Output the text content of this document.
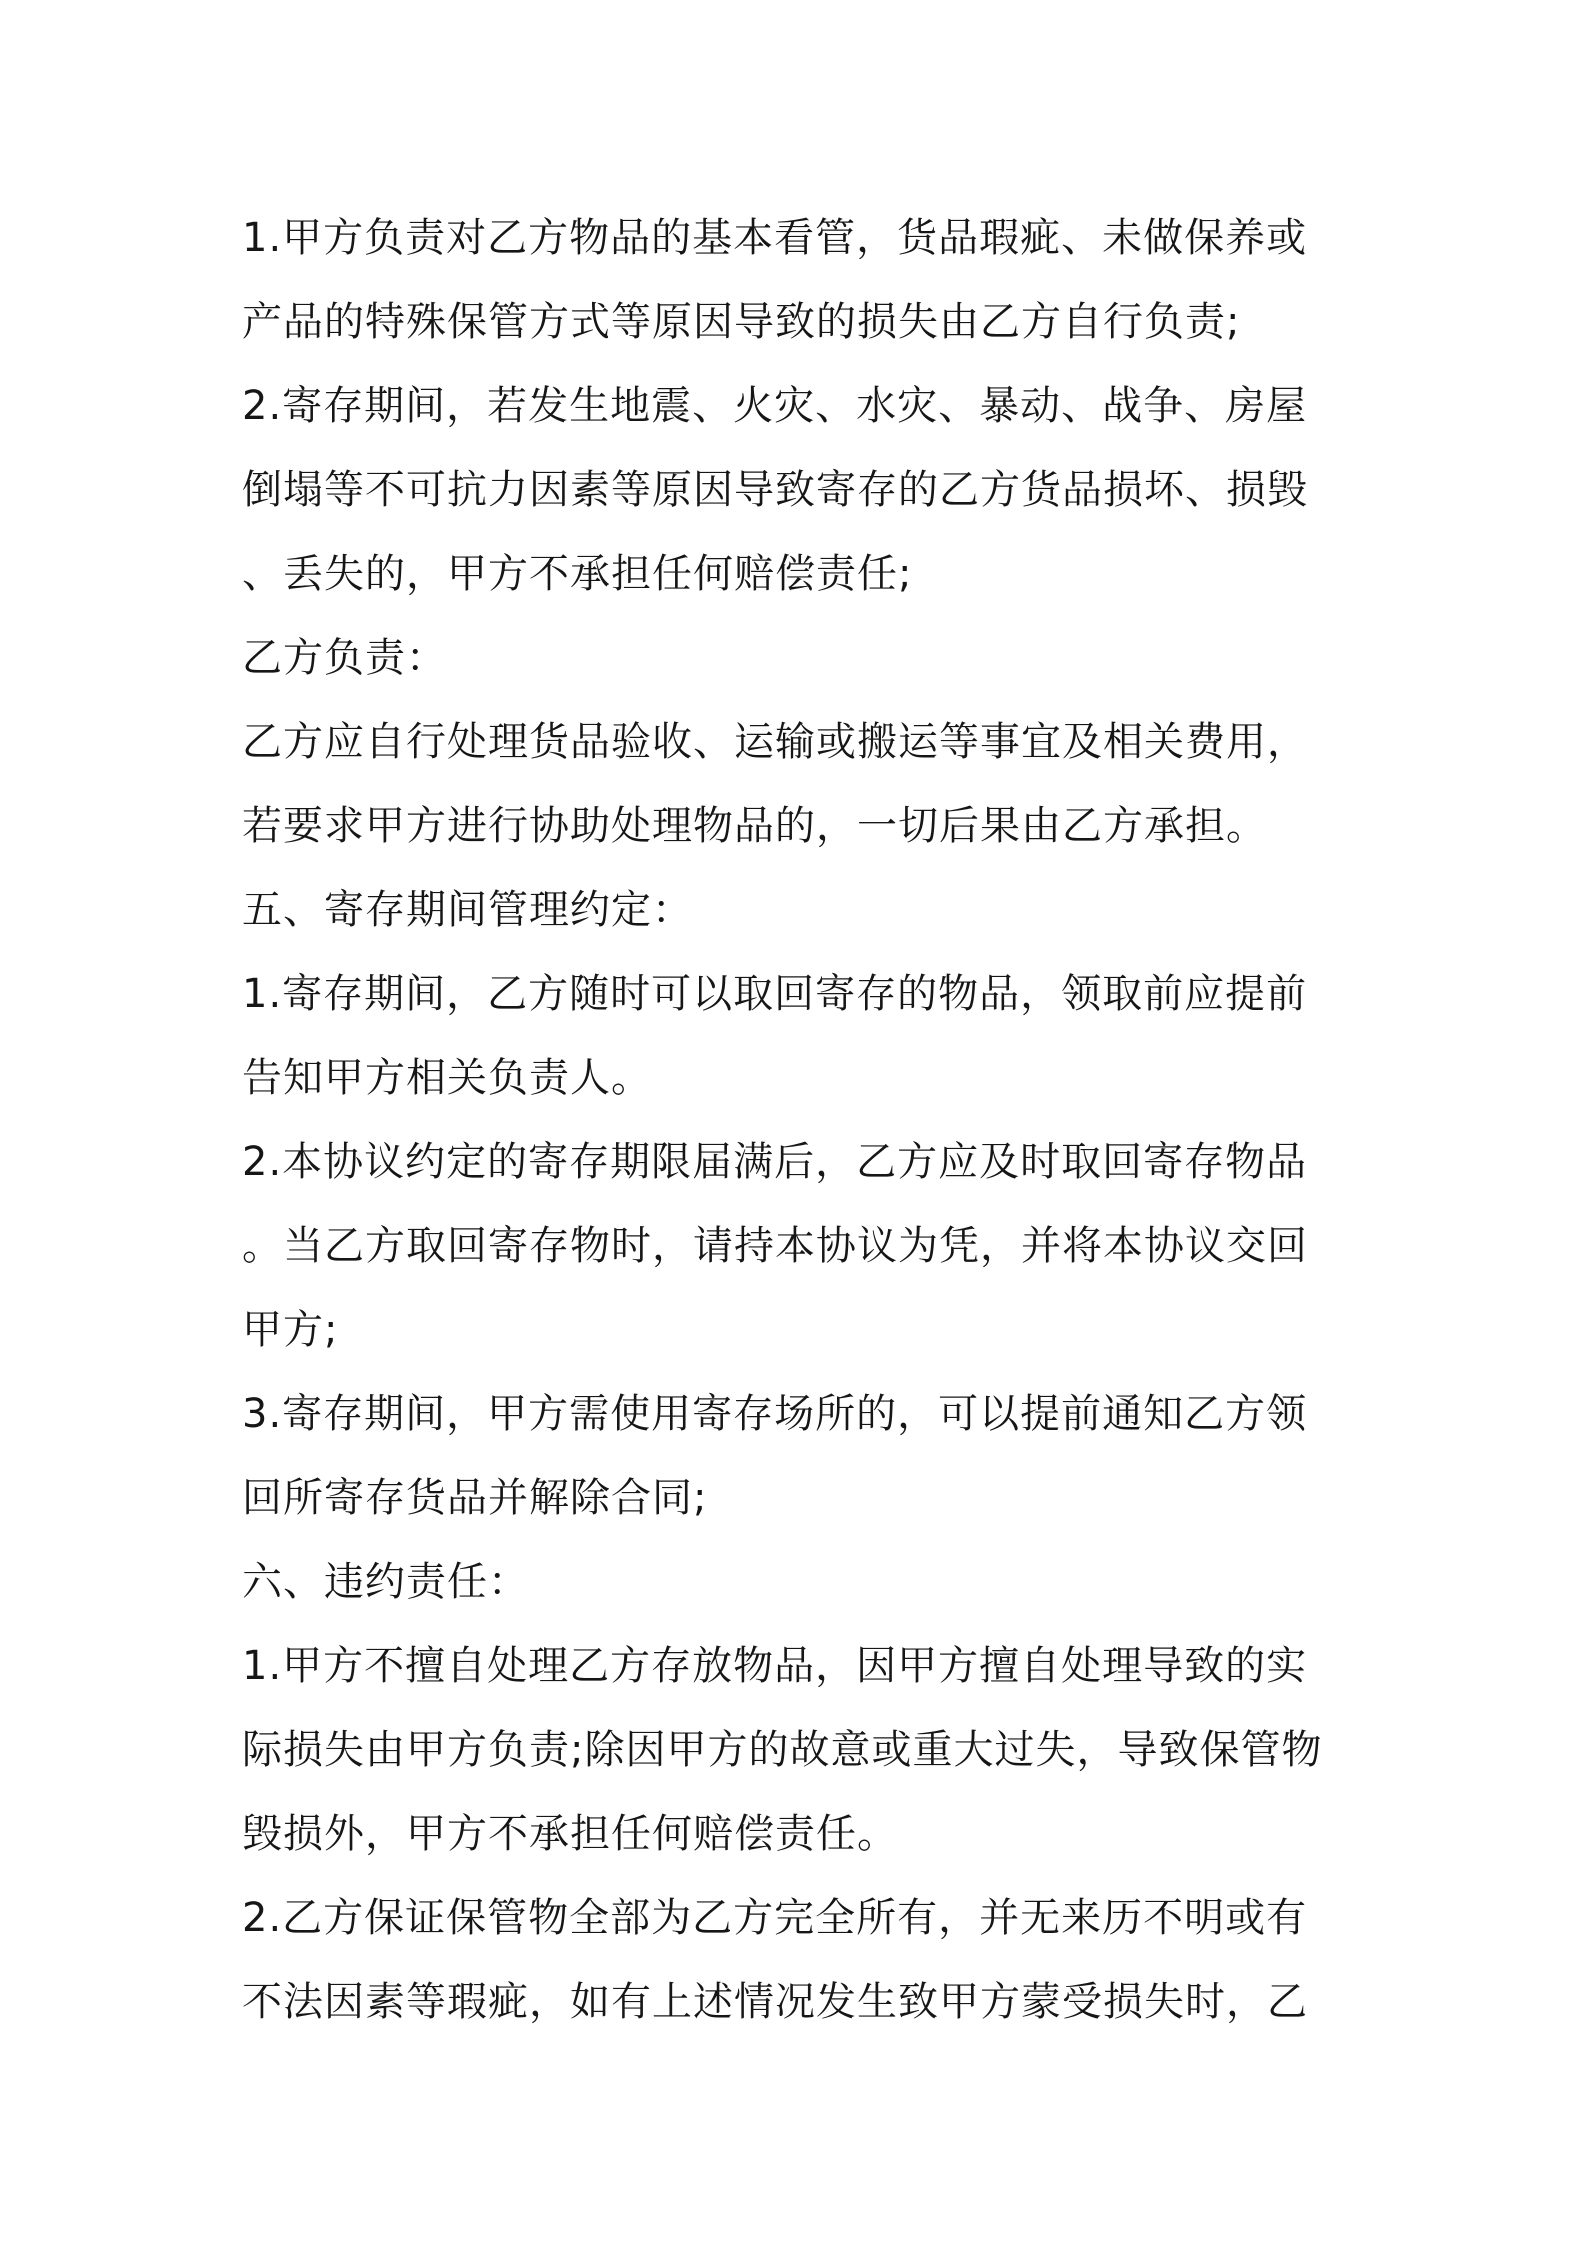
1.甲方负责对乙方物品的基本看管，货品瑕疵、未做保养或
产品的特殊保管方式等原因导致的损失由乙方自行负责;
2.寄存期间，若发生地震、火灾、水灾、暴动、战争、房屋
倒塌等不可抗力因素等原因导致寄存的乙方货品损坏、损毁
、丢失的，甲方不承担任何赔偿责任;
乙方负责：
乙方应自行处理货品验收、运输或搬运等事宜及相关费用，
若要求甲方进行协助处理物品的，一切后果由乙方承担。
五、寄存期间管理约定：
1.寄存期间，乙方随时可以取回寄存的物品，领取前应提前
告知甲方相关负责人。
2.本协议约定的寄存期限届满后，乙方应及时取回寄存物品
。当乙方取回寄存物时，请持本协议为凭，并将本协议交回
甲方;
3.寄存期间，甲方需使用寄存场所的，可以提前通知乙方领
回所寄存货品并解除合同;
六、违约责任：
1.甲方不擅自处理乙方存放物品，因甲方擅自处理导致的实
际损失由甲方负责;除因甲方的故意或重大过失，导致保管物
毁损外，甲方不承担任何赔偿责任。
2.乙方保证保管物全部为乙方完全所有，并无来历不明或有
不法因素等瑕疵，如有上述情况发生致甲方蒙受损失时，乙
